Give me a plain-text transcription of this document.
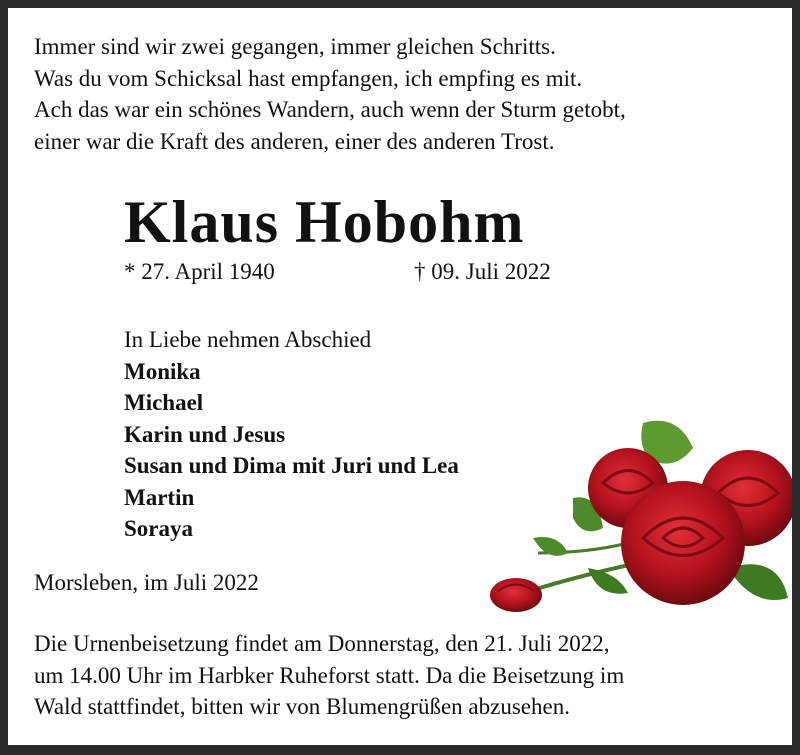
Immer sind wir zwei gegangen, immer gleichen Schritts.
Was du vom Schicksal hast empfangen, ich empfing es mit.
Ach das war ein schönes Wandern, auch wenn der Sturm getobt,
einer war die Kraft des anderen, einer des anderen Trost.
Klaus Hobohm
* 27. April 1940	† 09. Juli 2022
In Liebe nehmen Abschied
Monika
Michael
Karin und Jesus
Susan und Dima mit Juri und Lea
Martin
Soraya
Morsleben, im Juli 2022
Die Urnenbeisetzung findet am Donnerstag, den 21. Juli 2022,
um 14.00 Uhr im Harbker Ruheforst statt. Da die Beisetzung im
Wald stattfindet, bitten wir von Blumengrüßen abzusehen.
